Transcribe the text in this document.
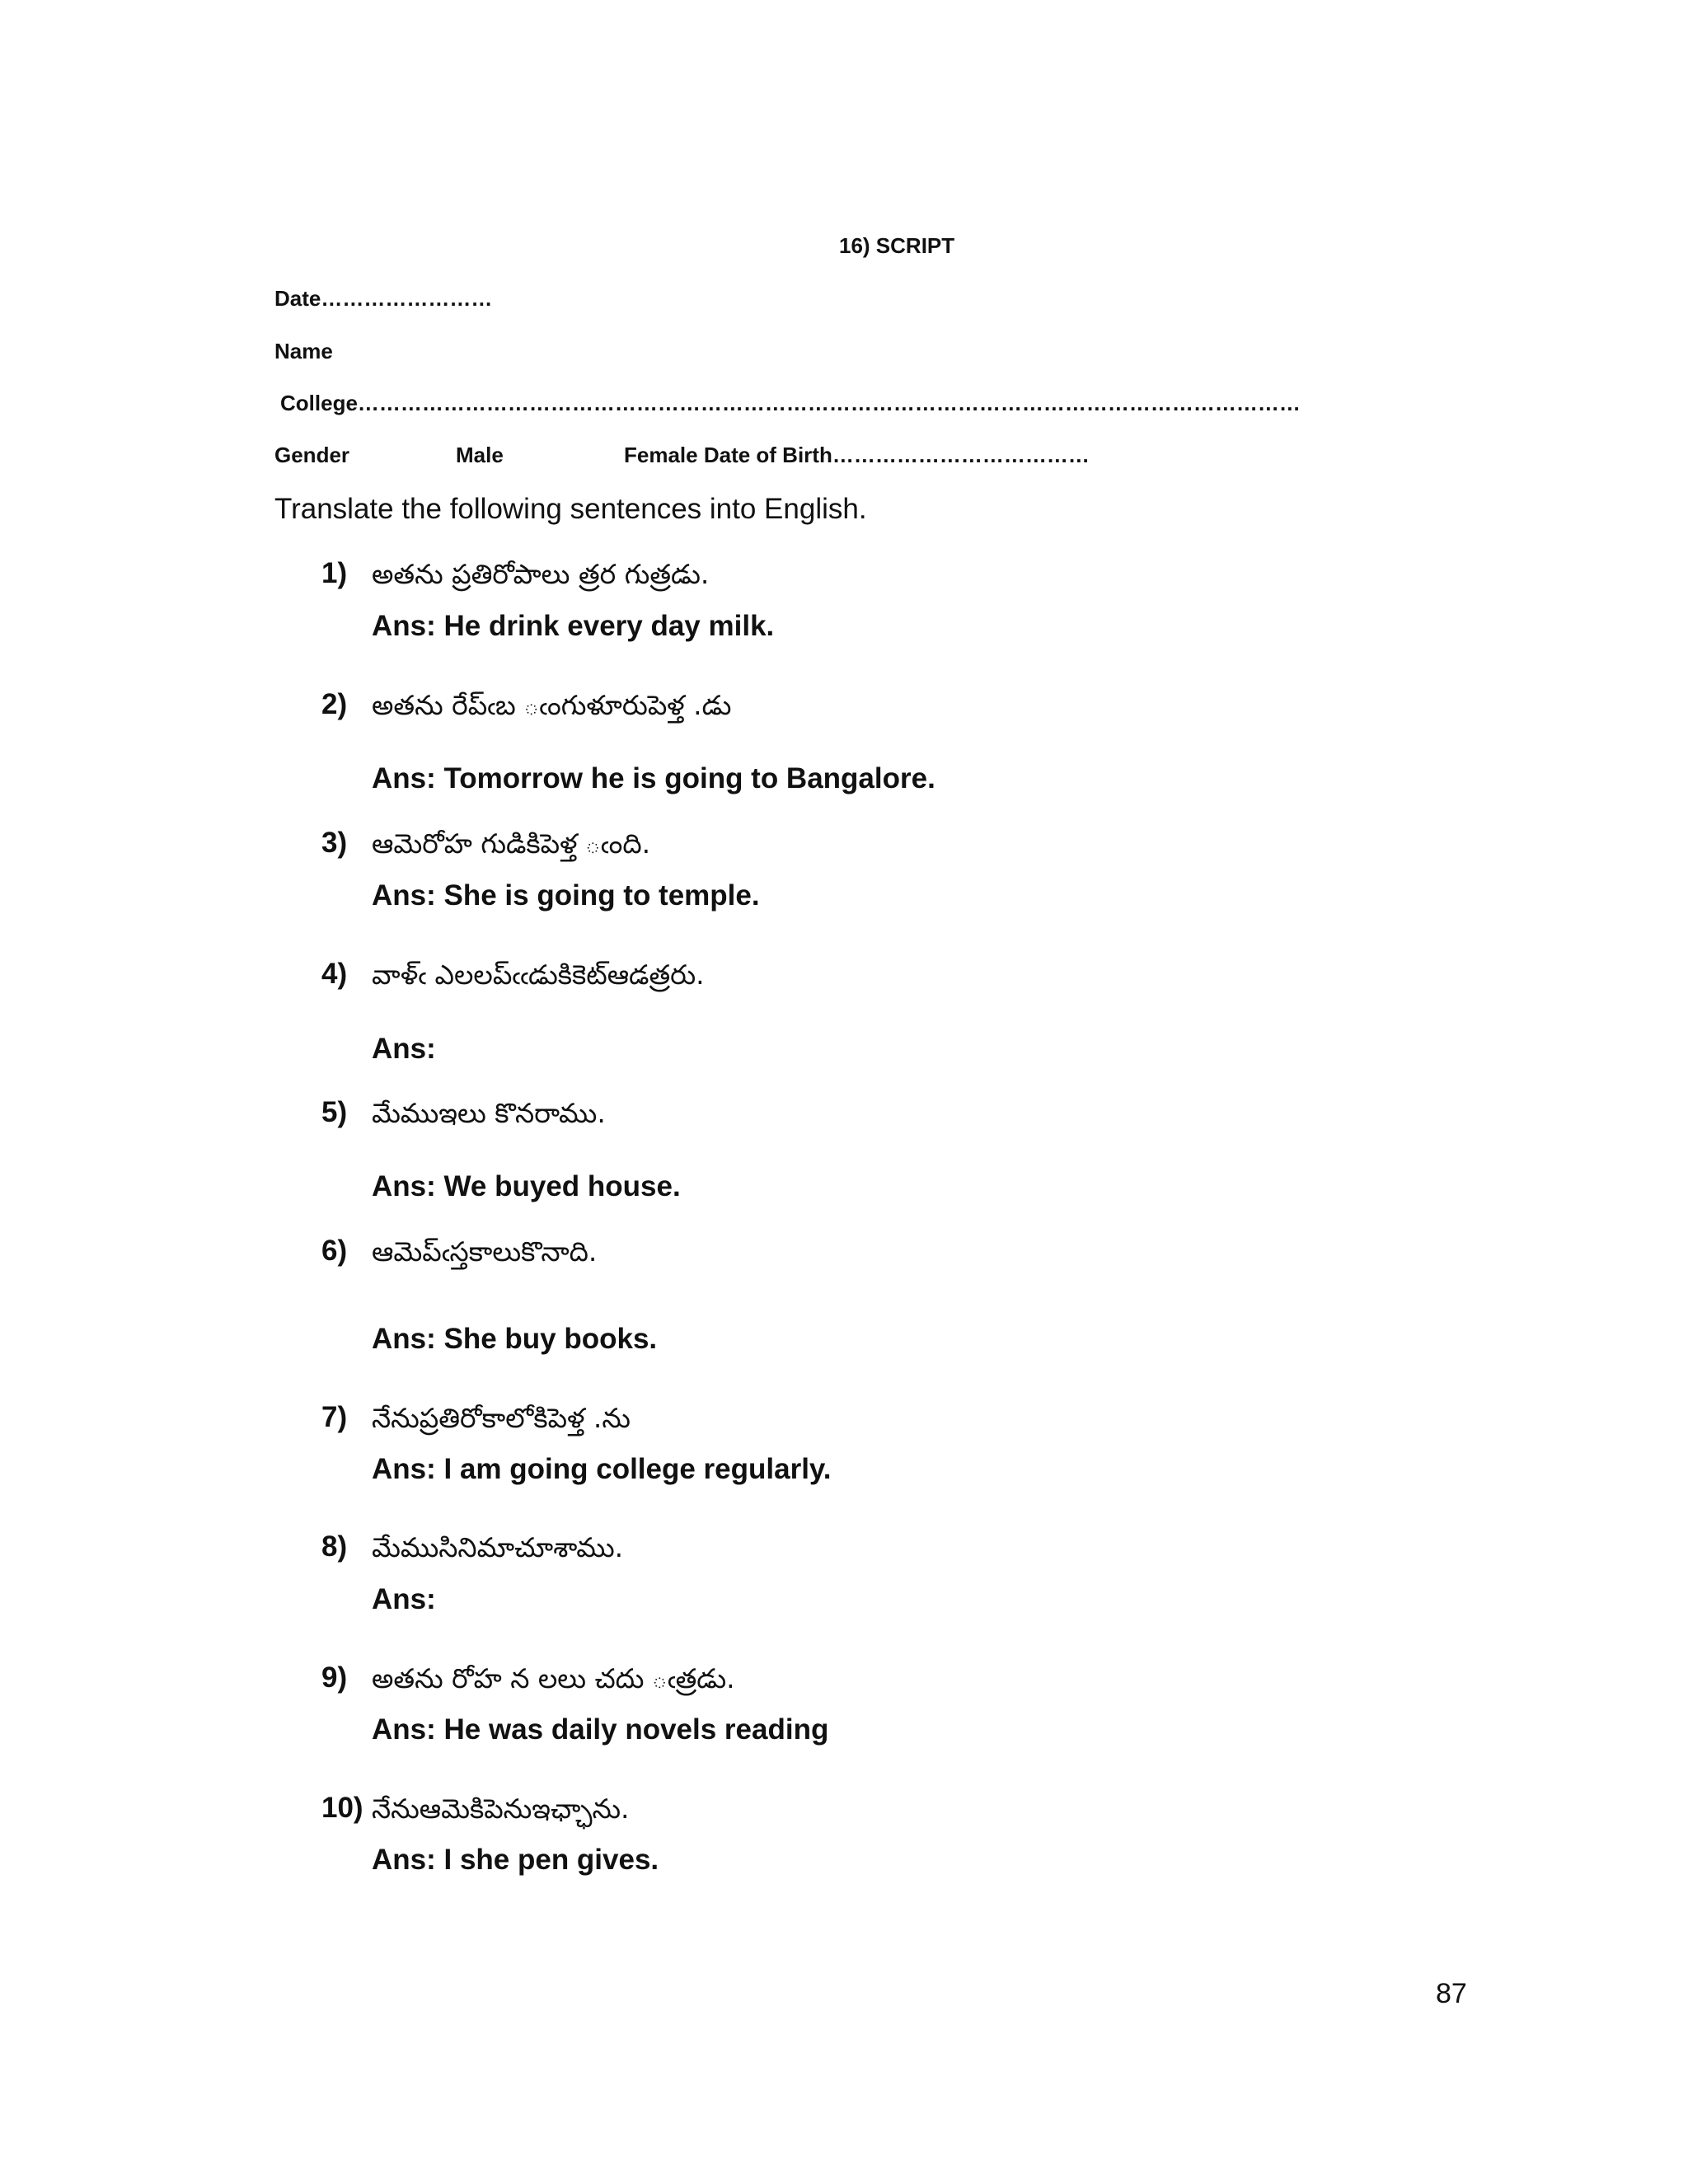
16) SCRIPT
Date……………………
Name
College……………………………………………………………………………………………………………………
Gender	Male	Female Date of Birth………………………………
Translate the following sentences into English.
1) అతను ప్రతిరోపాలు త్రర గుత్రడు.
Ans: He drink every day milk.
2) అతను రేప్ఁబ ఁంగుళూరుపెళ్త .డు
Ans: Tomorrow he is going to Bangalore.
3) ఆమెరోహ గుడికిపెళ్త ఁంది.
Ans: She is going to temple.
4) వాళ్ఁ ఎలలప్ఁఁడుకికెట్ఆడత్రరు.
Ans:
5) మేముఇలు కొనరాము.
Ans: We buyed house.
6) ఆమెప్ఁస్తకాలుకొనాది.
Ans: She buy books.
7) నేనుప్రతిరోకాలోకిపెళ్త .ను
Ans: I am going college regularly.
8) మేముసినిమాచూశాము.
Ans:
9) అతను రోహ న లలు చదు ఁత్రడు.
Ans: He was daily novels reading
10) నేనుఆమెకిపెనుఇఛ్ఛాను.
Ans: I she pen gives.
87
